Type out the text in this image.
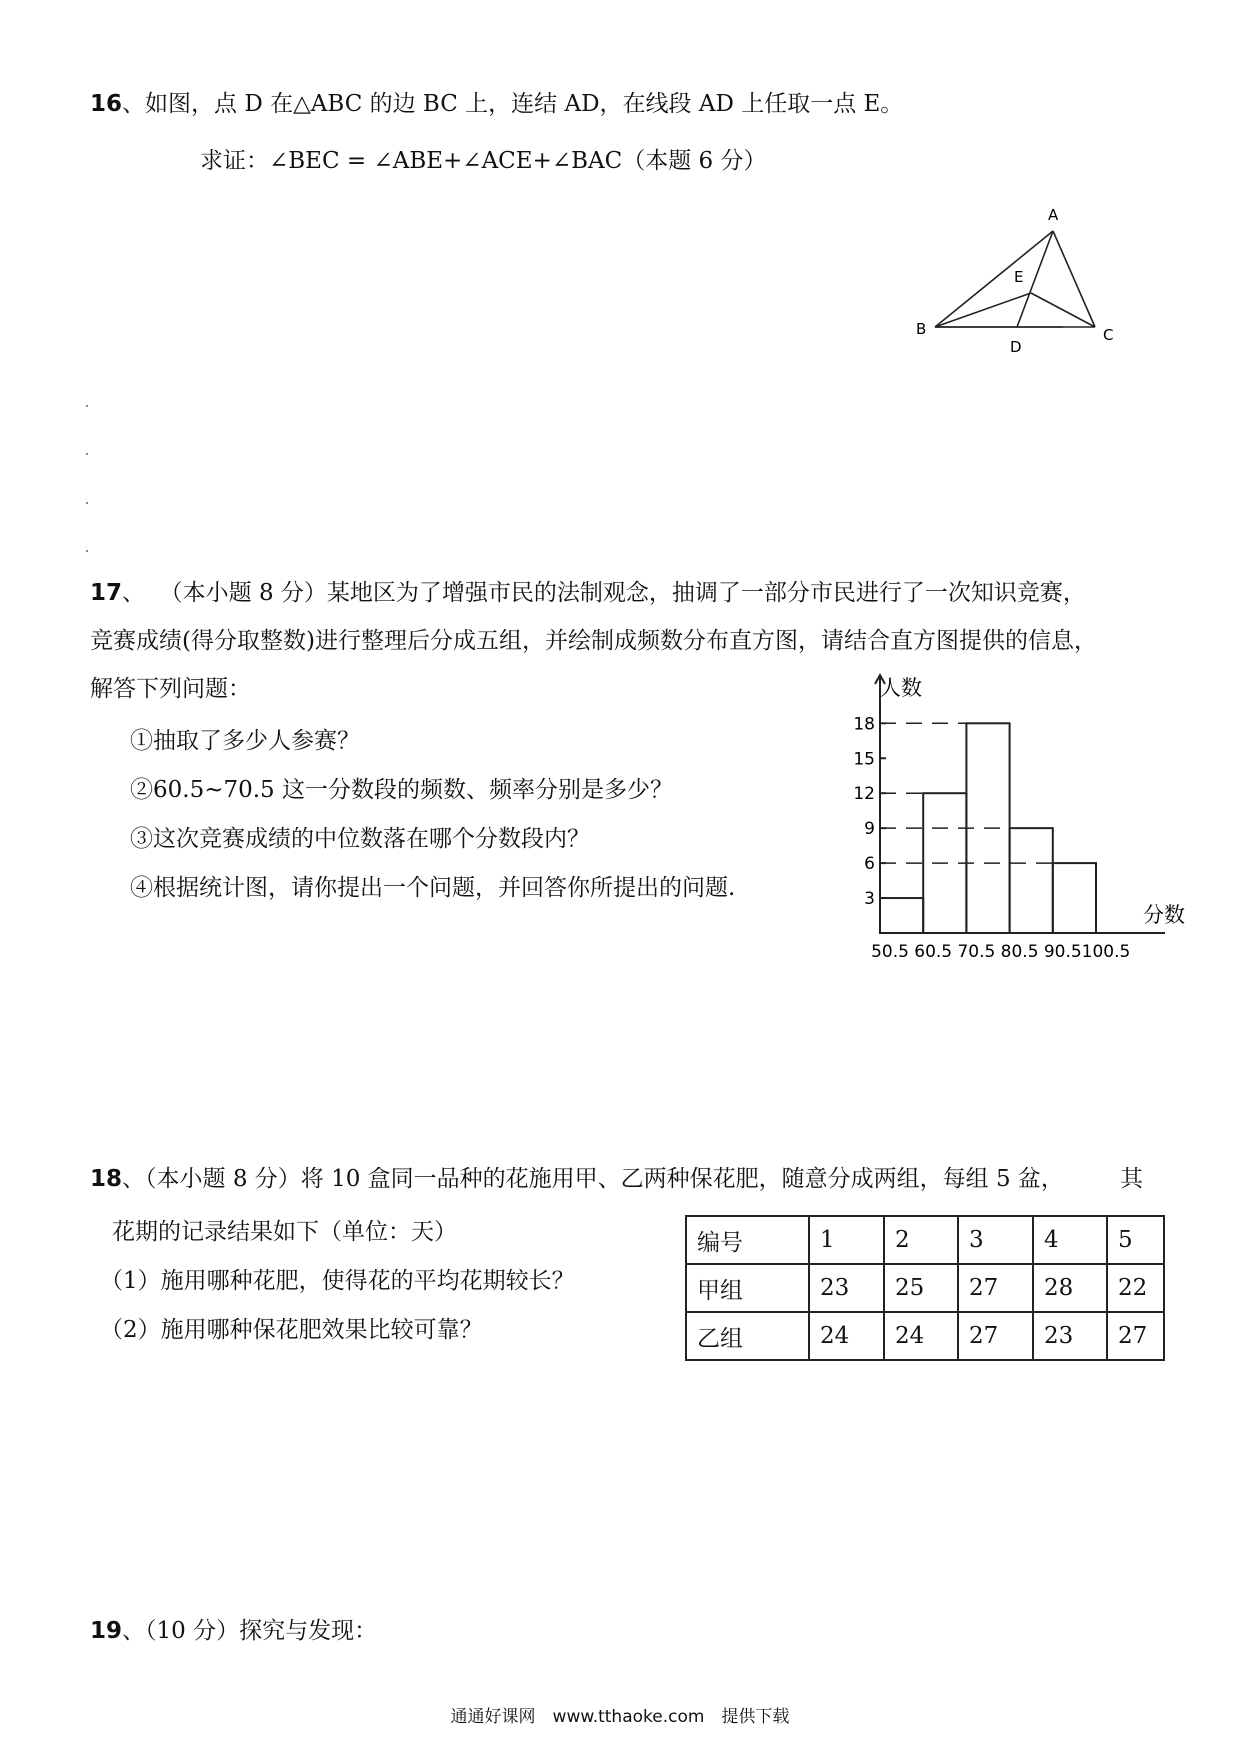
16、如图，点 D 在△ABC 的边 BC 上，连结 AD，在线段 AD 上任取一点 E。
求证：∠BEC = ∠ABE+∠ACE+∠BAC（本题 6 分）
A
B	C
D
E
17、 （本小题 8 分）某地区为了增强市民的法制观念，抽调了一部分市民进行了一次知识竞赛，
竞赛成绩(得分取整数)进行整理后分成五组，并绘制成频数分布直方图，请结合直方图提供的信息，
解答下列问题：
①抽取了多少人参赛？
②60.5~70.5 这一分数段的频数、频率分别是多少？
③这次竞赛成绩的中位数落在哪个分数段内？
④根据统计图，请你提出一个问题，并回答你所提出的问题.	3
6
9
12
15
18
50.5 60.5 70.5 80.5 90.5 100.5
人数
分数
18、（本小题 8 分）将 10 盒同一品种的花施用甲、乙两种保花肥，随意分成两组，每组 5 盆， 其
花期的记录结果如下（单位：天）
（1）施用哪种花肥，使得花的平均花期较长？
（2）施用哪种保花肥效果比较可靠？
编号	1	2	3	4	5
甲组	23	25	27	28	22
乙组	24	24	27	23	27
19、（10 分）探究与发现：
通通好课网　www.tthaoke.com　提供下载
